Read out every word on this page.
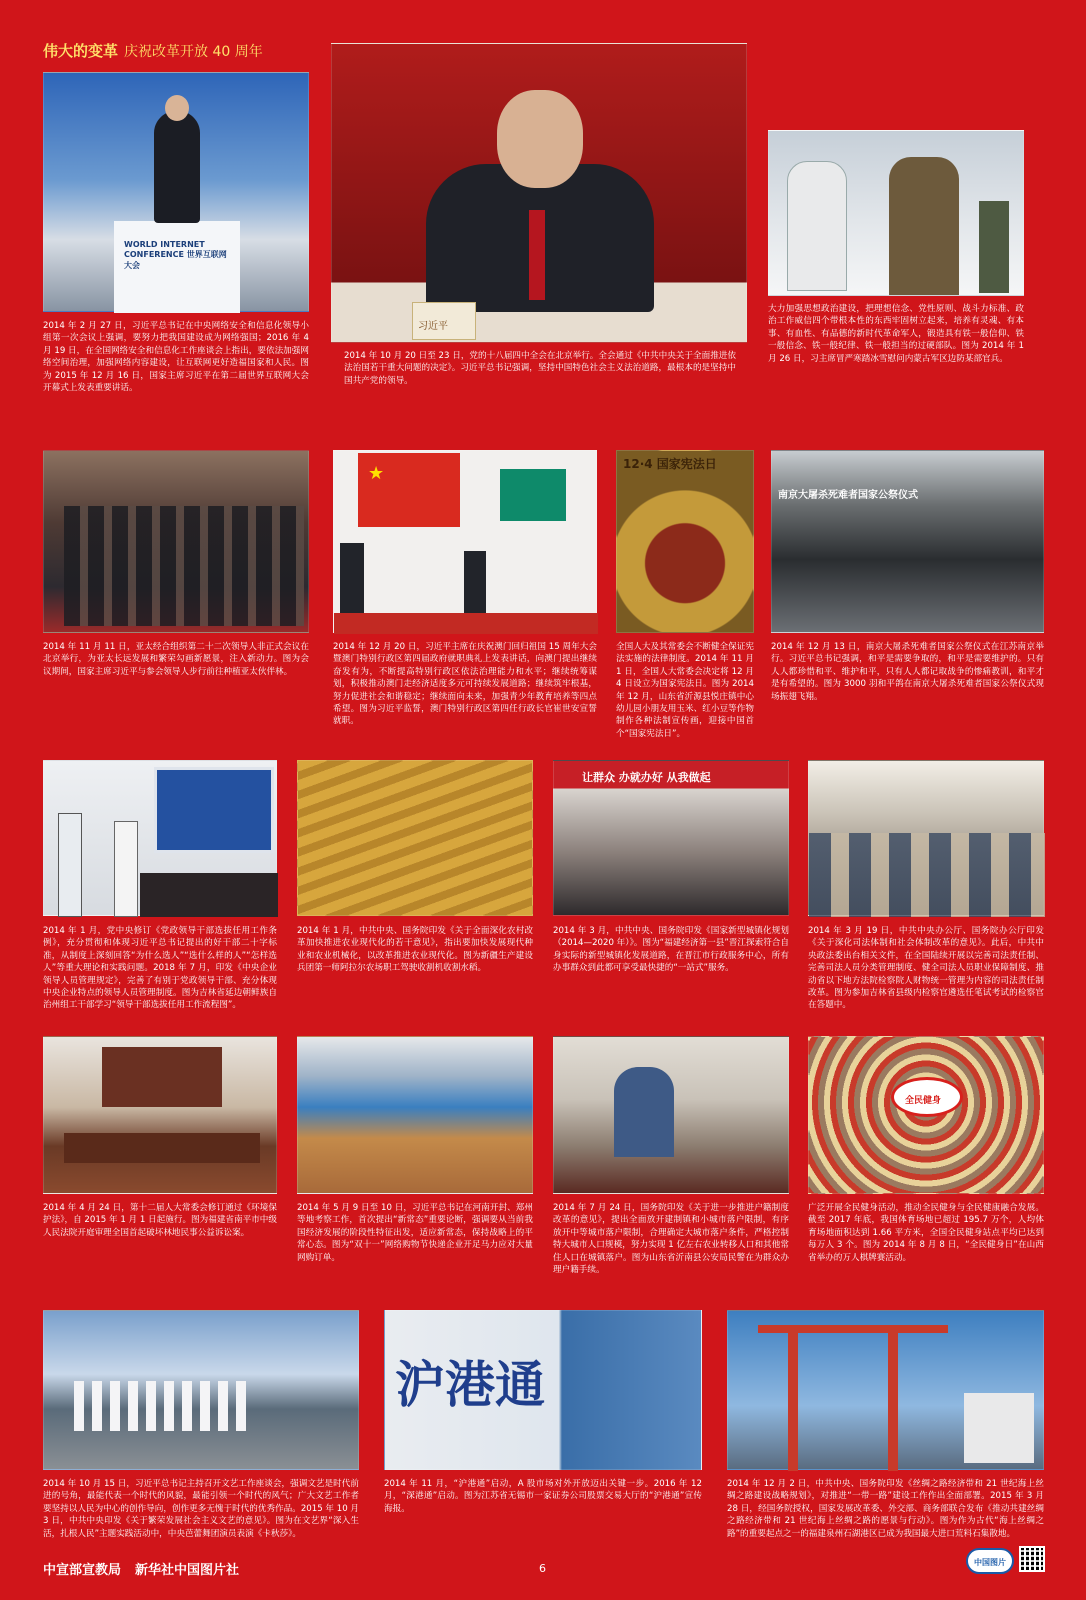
伟大的变革 庆祝改革开放 40 周年
WORLD INTERNET CONFERENCE 世界互联网大会
习近平
2014 年 2 月 27 日，习近平总书记在中央网络安全和信息化领导小组第一次会议上强调，要努力把我国建设成为网络强国；2016 年 4 月 19 日，在全国网络安全和信息化工作座谈会上指出，要依法加强网络空间治理，加强网络内容建设，让互联网更好造福国家和人民。图为 2015 年 12 月 16 日，国家主席习近平在第二届世界互联网大会开幕式上发表重要讲话。
2014 年 10 月 20 日至 23 日，党的十八届四中全会在北京举行。全会通过《中共中央关于全面推进依法治国若干重大问题的决定》。习近平总书记强调，坚持中国特色社会主义法治道路，最根本的是坚持中国共产党的领导。
大力加强思想政治建设，把理想信念、党性原则、战斗力标准、政治工作威信四个带根本性的东西牢固树立起来，培养有灵魂、有本事、有血性、有品德的新时代革命军人，锻造具有铁一般信仰、铁一般信念、铁一般纪律、铁一般担当的过硬部队。图为 2014 年 1 月 26 日，习主席冒严寒踏冰雪慰问内蒙古军区边防某部官兵。
★	12·4 国家宪法日
南京大屠杀死难者国家公祭仪式
2014 年 11 月 11 日，亚太经合组织第二十二次领导人非正式会议在北京举行，为亚太长远发展和繁荣勾画新愿景，注入新动力。图为会议期间，国家主席习近平与参会领导人步行前往种植亚太伙伴林。
2014 年 12 月 20 日，习近平主席在庆祝澳门回归祖国 15 周年大会暨澳门特别行政区第四届政府就职典礼上发表讲话，向澳门提出继续奋发有为，不断提高特别行政区依法治理能力和水平；继续统筹谋划，积极推动澳门走经济适度多元可持续发展道路；继续筑牢根基，努力促进社会和谐稳定；继续面向未来，加强青少年教育培养等四点希望。图为习近平监誓，澳门特别行政区第四任行政长官崔世安宣誓就职。
全国人大及其常委会不断健全保证宪法实施的法律制度。2014 年 11 月 1 日，全国人大常委会决定将 12 月 4 日设立为国家宪法日。图为 2014 年 12 月，山东省沂源县悦庄镇中心幼儿园小朋友用玉米、红小豆等作物制作各种法制宣传画，迎接中国首个“国家宪法日”。
2014 年 12 月 13 日，南京大屠杀死难者国家公祭仪式在江苏南京举行。习近平总书记强调，和平是需要争取的，和平是需要维护的。只有人人都珍惜和平、维护和平，只有人人都记取战争的惨痛教训，和平才是有希望的。图为 3000 羽和平鸽在南京大屠杀死难者国家公祭仪式现场振翅飞翔。
让群众 办就办好 从我做起
2014 年 1 月，党中央修订《党政领导干部选拔任用工作条例》，充分贯彻和体现习近平总书记提出的好干部二十字标准，从制度上深刻回答“为什么选人”“选什么样的人”“怎样选人”等重大理论和实践问题。2018 年 7 月，印发《中央企业领导人员管理规定》，完善了有别于党政领导干部、充分体现中央企业特点的领导人员管理制度。图为吉林省延边朝鲜族自治州组工干部学习“领导干部选拔任用工作流程图”。
2014 年 1 月，中共中央、国务院印发《关于全面深化农村改革加快推进农业现代化的若干意见》，指出要加快发展现代种业和农业机械化，以改革推进农业现代化。图为新疆生产建设兵团第一师阿拉尔农场职工驾驶收割机收割水稻。
2014 年 3 月，中共中央、国务院印发《国家新型城镇化规划（2014—2020 年）》。图为“福建经济第一县”晋江探索符合自身实际的新型城镇化发展道路，在晋江市行政服务中心，所有办事群众到此都可享受最快捷的“一站式”服务。
2014 年 3 月 19 日，中共中央办公厅、国务院办公厅印发《关于深化司法体制和社会体制改革的意见》。此后，中共中央政法委出台相关文件，在全国陆续开展以完善司法责任制、完善司法人员分类管理制度、健全司法人员职业保障制度、推动省以下地方法院检察院人财物统一管理为内容的司法责任制改革。图为参加吉林省县级内检察官遴选任笔试考试的检察官在答题中。
全民健身
2014 年 4 月 24 日，第十二届人大常委会修订通过《环境保护法》，自 2015 年 1 月 1 日起施行。图为福建省南平市中级人民法院开庭审理全国首起破坏林地民事公益诉讼案。
2014 年 5 月 9 日至 10 日，习近平总书记在河南开封、郑州等地考察工作，首次提出“新常态”重要论断，强调要从当前我国经济发展的阶段性特征出发，适应新常态，保持战略上的平常心态。图为“双十一”网络购物节快递企业开足马力应对大量网购订单。
2014 年 7 月 24 日，国务院印发《关于进一步推进户籍制度改革的意见》，提出全面放开建制镇和小城市落户限制，有序放开中等城市落户限制，合理确定大城市落户条件，严格控制特大城市人口规模，努力实现 1 亿左右农业转移人口和其他常住人口在城镇落户。图为山东省沂南县公安局民警在为群众办理户籍手续。
广泛开展全民健身活动，推动全民健身与全民健康融合发展。截至 2017 年底，我国体育场地已超过 195.7 万个，人均体育场地面积达到 1.66 平方米，全国全民健身站点平均已达到每万人 3 个。图为 2014 年 8 月 8 日，“全民健身日”在山西省举办的万人棋牌赛活动。
沪港通
2014 年 10 月 15 日，习近平总书记主持召开文艺工作座谈会，强调文艺是时代前进的号角，最能代表一个时代的风貌，最能引领一个时代的风气；广大文艺工作者要坚持以人民为中心的创作导向，创作更多无愧于时代的优秀作品。2015 年 10 月 3 日，中共中央印发《关于繁荣发展社会主义文艺的意见》。图为在文艺界“深入生活，扎根人民”主题实践活动中，中央芭蕾舞团演员表演《卡秋莎》。
2014 年 11 月，“沪港通”启动，A 股市场对外开放迈出关键一步。2016 年 12 月，“深港通”启动。图为江苏省无锡市一家证券公司股票交易大厅的“沪港通”宣传海报。
2014 年 12 月 2 日，中共中央、国务院印发《丝绸之路经济带和 21 世纪海上丝绸之路建设战略规划》，对推进“一带一路”建设工作作出全面部署。2015 年 3 月 28 日，经国务院授权，国家发展改革委、外交部、商务部联合发布《推动共建丝绸之路经济带和 21 世纪海上丝绸之路的愿景与行动》。图为作为古代“海上丝绸之路”的重要起点之一的福建泉州石湖港区已成为我国最大进口荒料石集散地。
中宣部宣教局 新华社中国图片社	6	中国图片
